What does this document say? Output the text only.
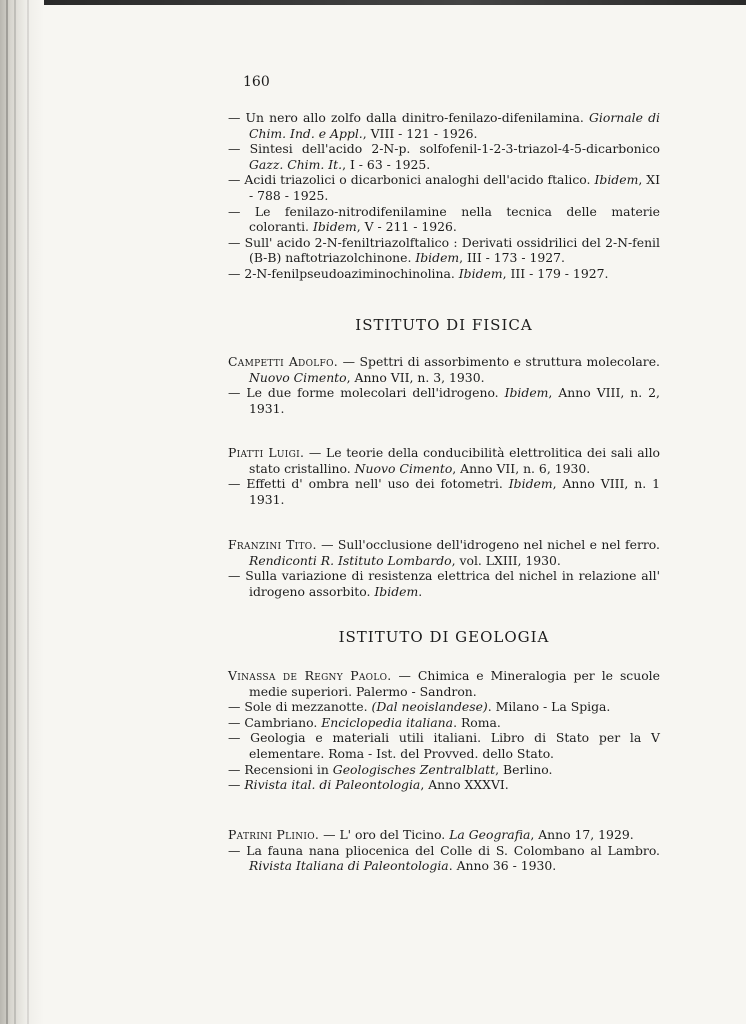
160

— Un nero allo zolfo dalla dinitro-fenilazo-difenilamina. Giornale di Chim. Ind. e Appl., VIII - 121 - 1926.

— Sintesi dell'acido 2-N-p. solfofenil-1-2-3-triazol-4-5-dicarbonico Gazz. Chim. It., I - 63 - 1925.

— Acidi triazolici o dicarbonici analoghi dell'acido ftalico. Ibidem, XI - 788 - 1925.

— Le fenilazo-nitrodifenilamine nella tecnica delle materie coloranti. Ibidem, V - 211 - 1926.

— Sull' acido 2-N-feniltriazolftalico : Derivati ossidrilici del 2-N-fenil (B-B) naftotriazolchinone. Ibidem, III - 173 - 1927.

— 2-N-fenilpseudoaziminochinolina. Ibidem, III - 179 - 1927.

ISTITUTO DI FISICA

Campetti Adolfo. — Spettri di assorbimento e struttura molecolare. Nuovo Cimento, Anno VII, n. 3, 1930.

— Le due forme molecolari dell'idrogeno. Ibidem, Anno VIII, n. 2, 1931.

Piatti Luigi. — Le teorie della conducibilità elettrolitica dei sali allo stato cristallino. Nuovo Cimento, Anno VII, n. 6, 1930.

— Effetti d' ombra nell' uso dei fotometri. Ibidem, Anno VIII, n. 1 1931.

Franzini Tito. — Sull'occlusione dell'idrogeno nel nichel e nel ferro. Rendiconti R. Istituto Lombardo, vol. LXIII, 1930.

— Sulla variazione di resistenza elettrica del nichel in relazione all' idrogeno assorbito. Ibidem.

ISTITUTO DI GEOLOGIA

Vinassa de Regny Paolo. — Chimica e Mineralogia per le scuole medie superiori. Palermo - Sandron.

— Sole di mezzanotte. (Dal neoislandese). Milano - La Spiga.

— Cambriano. Enciclopedia italiana. Roma.

— Geologia e materiali utili italiani. Libro di Stato per la V elementare. Roma - Ist. del Provved. dello Stato.

— Recensioni in Geologisches Zentralblatt, Berlino.

— Rivista ital. di Paleontologia, Anno XXXVI.

Patrini Plinio. — L' oro del Ticino. La Geografia, Anno 17, 1929.

— La fauna nana pliocenica del Colle di S. Colombano al Lambro. Rivista Italiana di Paleontologia. Anno 36 - 1930.
